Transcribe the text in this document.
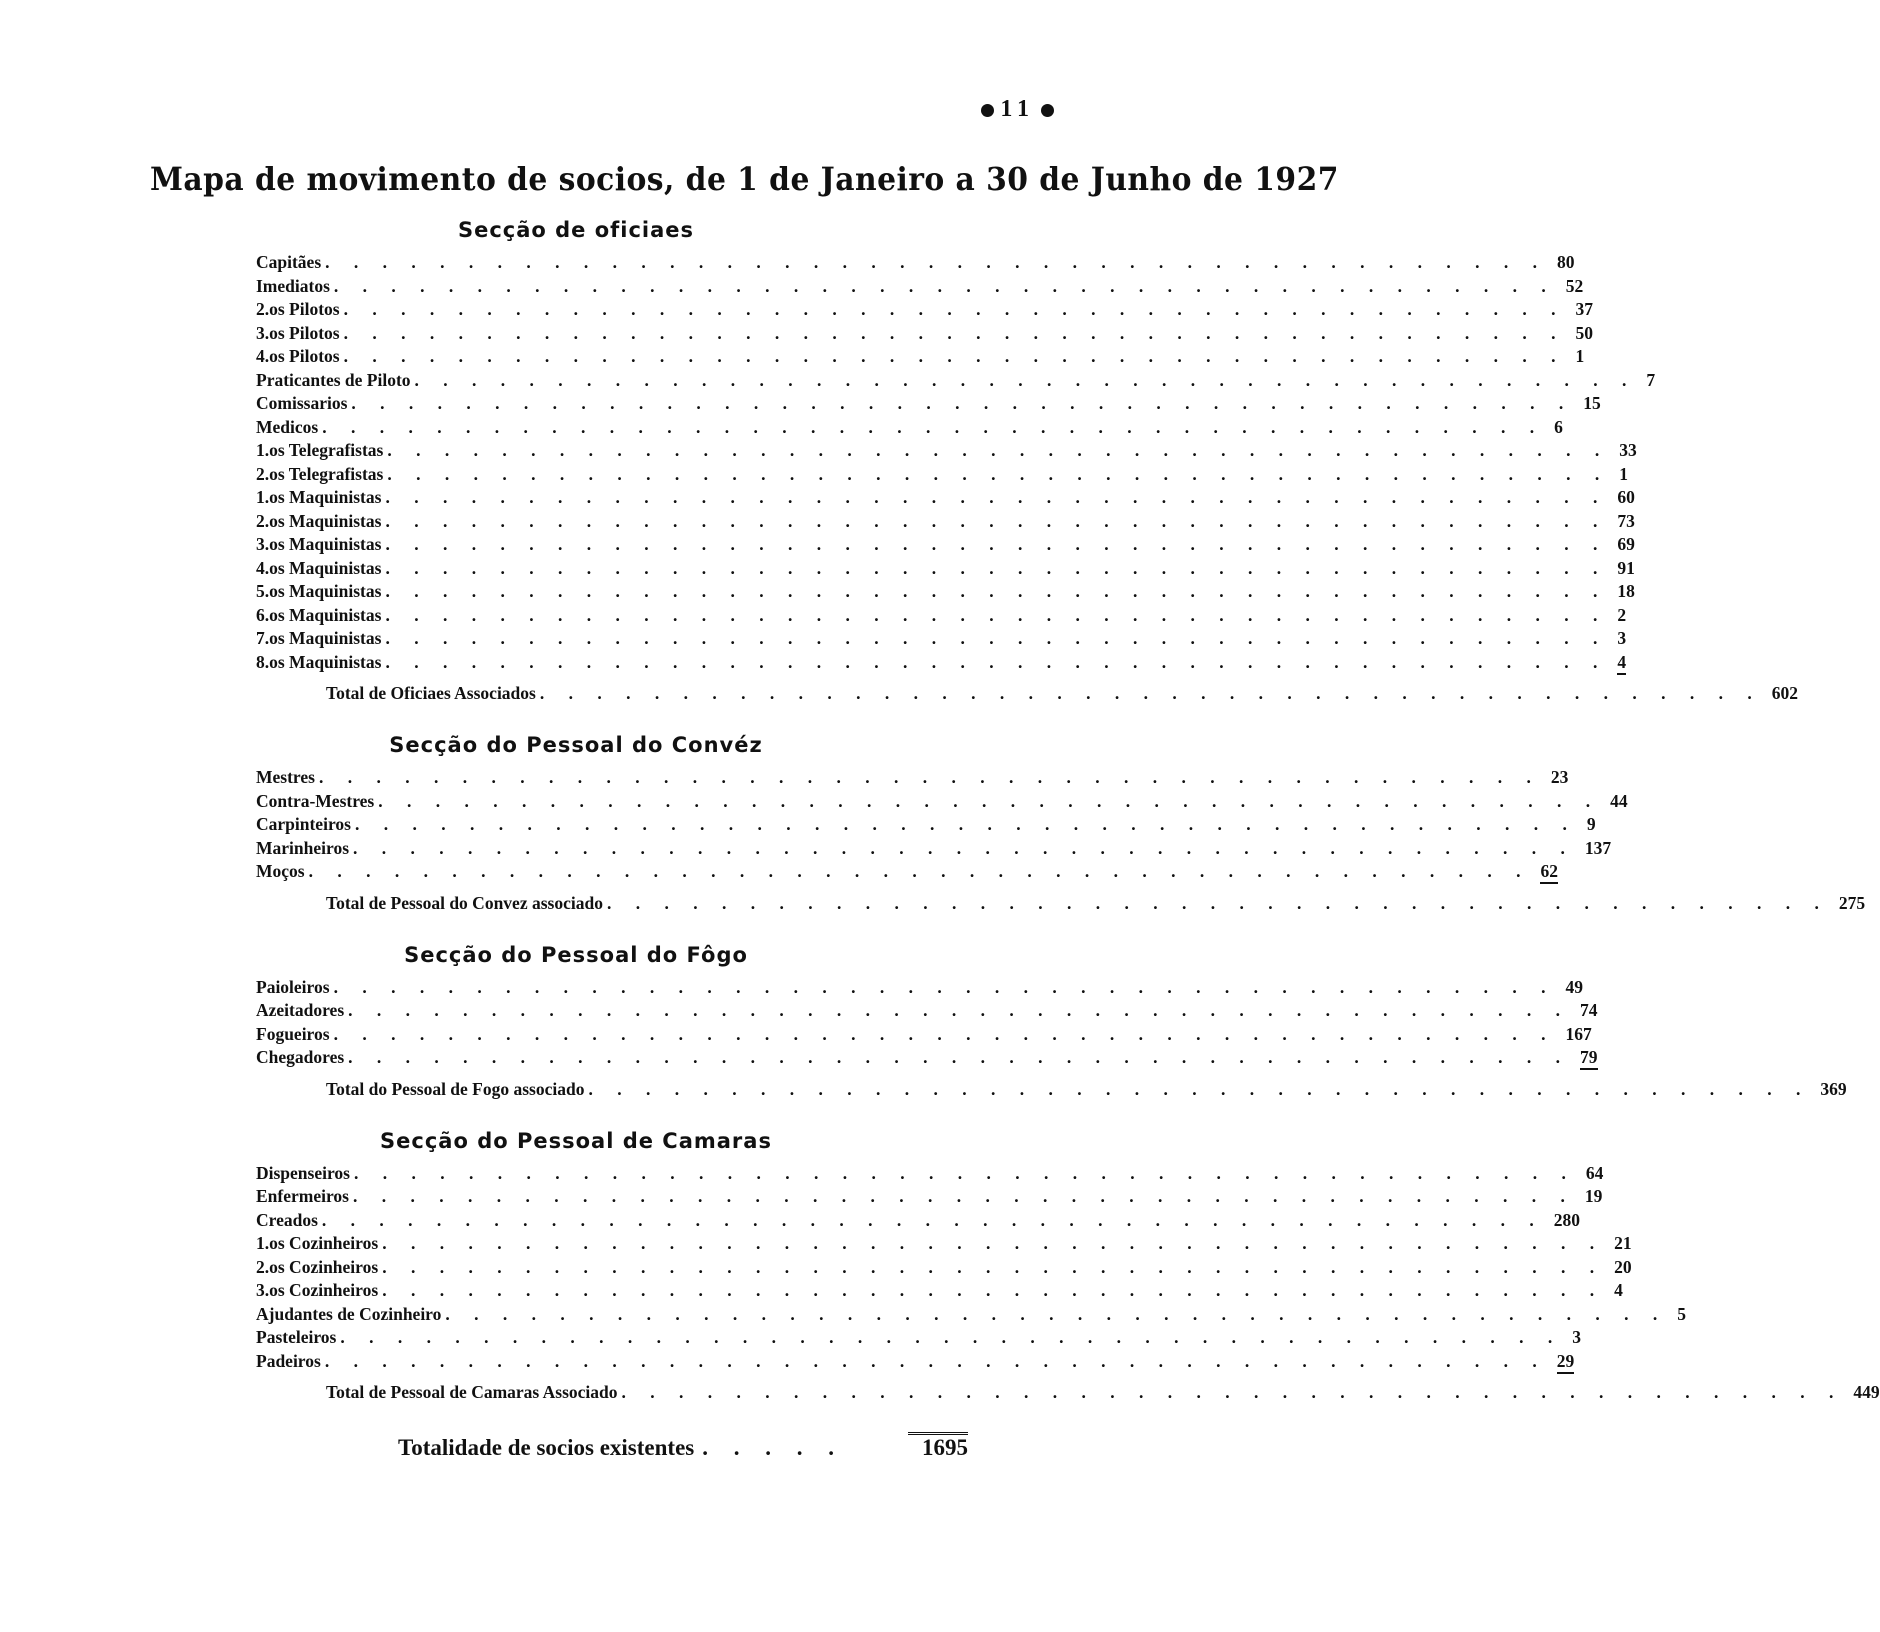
11
Mapa de movimento de socios, de 1 de Janeiro a 30 de Junho de 1927
Secção de oficiaes
Capitães . . . . . . . . . . . . . . . . . . . . . . . . . . . . . . . . . . . . . . . . . . . 80
Imediatos . . . . . . . . . . . . . . . . . . . . . . . . . . . . . . . . . . . . . . . . . . . 52
2.os Pilotos . . . . . . . . . . . . . . . . . . . . . . . . . . . . . . . . . . . . . . . . . . . 37
3.os Pilotos . . . . . . . . . . . . . . . . . . . . . . . . . . . . . . . . . . . . . . . . . . . 50
4.os Pilotos . . . . . . . . . . . . . . . . . . . . . . . . . . . . . . . . . . . . . . . . . . . 1
Praticantes de Piloto . . . . . . . . . . . . . . . . . . . . . . . . . . . . . . . . . . . . . . . . . . . 7
Comissarios . . . . . . . . . . . . . . . . . . . . . . . . . . . . . . . . . . . . . . . . . . . 15
Medicos . . . . . . . . . . . . . . . . . . . . . . . . . . . . . . . . . . . . . . . . . . . 6
1.os Telegrafistas . . . . . . . . . . . . . . . . . . . . . . . . . . . . . . . . . . . . . . . . . . . 33
2.os Telegrafistas . . . . . . . . . . . . . . . . . . . . . . . . . . . . . . . . . . . . . . . . . . . 1
1.os Maquinistas . . . . . . . . . . . . . . . . . . . . . . . . . . . . . . . . . . . . . . . . . . . 60
2.os Maquinistas . . . . . . . . . . . . . . . . . . . . . . . . . . . . . . . . . . . . . . . . . . . 73
3.os Maquinistas . . . . . . . . . . . . . . . . . . . . . . . . . . . . . . . . . . . . . . . . . . . 69
4.os Maquinistas . . . . . . . . . . . . . . . . . . . . . . . . . . . . . . . . . . . . . . . . . . . 91
5.os Maquinistas . . . . . . . . . . . . . . . . . . . . . . . . . . . . . . . . . . . . . . . . . . . 18
6.os Maquinistas . . . . . . . . . . . . . . . . . . . . . . . . . . . . . . . . . . . . . . . . . . . 2
7.os Maquinistas . . . . . . . . . . . . . . . . . . . . . . . . . . . . . . . . . . . . . . . . . . . 3
8.os Maquinistas . . . . . . . . . . . . . . . . . . . . . . . . . . . . . . . . . . . . . . . . . . . 4
Total de Oficiaes Associados . . . . . . . . . . . . . . . . . . . . . . . . . . . . . . . . . . . . . . . . . . . 602
Secção do Pessoal do Convéz
Mestres . . . . . . . . . . . . . . . . . . . . . . . . . . . . . . . . . . . . . . . . . . . 23
Contra-Mestres . . . . . . . . . . . . . . . . . . . . . . . . . . . . . . . . . . . . . . . . . . . 44
Carpinteiros . . . . . . . . . . . . . . . . . . . . . . . . . . . . . . . . . . . . . . . . . . . 9
Marinheiros . . . . . . . . . . . . . . . . . . . . . . . . . . . . . . . . . . . . . . . . . . . 137
Moços . . . . . . . . . . . . . . . . . . . . . . . . . . . . . . . . . . . . . . . . . . . 62
Total de Pessoal do Convez associado . . . . . . . . . . . . . . . . . . . . . . . . . . . . . . . . . . . . . . . . . . . 275
Secção do Pessoal do Fôgo
Paioleiros . . . . . . . . . . . . . . . . . . . . . . . . . . . . . . . . . . . . . . . . . . . 49
Azeitadores . . . . . . . . . . . . . . . . . . . . . . . . . . . . . . . . . . . . . . . . . . . 74
Fogueiros . . . . . . . . . . . . . . . . . . . . . . . . . . . . . . . . . . . . . . . . . . . 167
Chegadores . . . . . . . . . . . . . . . . . . . . . . . . . . . . . . . . . . . . . . . . . . . 79
Total do Pessoal de Fogo associado . . . . . . . . . . . . . . . . . . . . . . . . . . . . . . . . . . . . . . . . . . . 369
Secção do Pessoal de Camaras
Dispenseiros . . . . . . . . . . . . . . . . . . . . . . . . . . . . . . . . . . . . . . . . . . . 64
Enfermeiros . . . . . . . . . . . . . . . . . . . . . . . . . . . . . . . . . . . . . . . . . . . 19
Creados . . . . . . . . . . . . . . . . . . . . . . . . . . . . . . . . . . . . . . . . . . . 280
1.os Cozinheiros . . . . . . . . . . . . . . . . . . . . . . . . . . . . . . . . . . . . . . . . . . . 21
2.os Cozinheiros . . . . . . . . . . . . . . . . . . . . . . . . . . . . . . . . . . . . . . . . . . . 20
3.os Cozinheiros . . . . . . . . . . . . . . . . . . . . . . . . . . . . . . . . . . . . . . . . . . . 4
Ajudantes de Cozinheiro . . . . . . . . . . . . . . . . . . . . . . . . . . . . . . . . . . . . . . . . . . . 5
Pasteleiros . . . . . . . . . . . . . . . . . . . . . . . . . . . . . . . . . . . . . . . . . . . 3
Padeiros . . . . . . . . . . . . . . . . . . . . . . . . . . . . . . . . . . . . . . . . . . . 29
Total de Pessoal de Camaras Associado . . . . . . . . . . . . . . . . . . . . . . . . . . . . . . . . . . . . . . . . . . . 449
Totalidade de socios existentes . . . . .	1695
